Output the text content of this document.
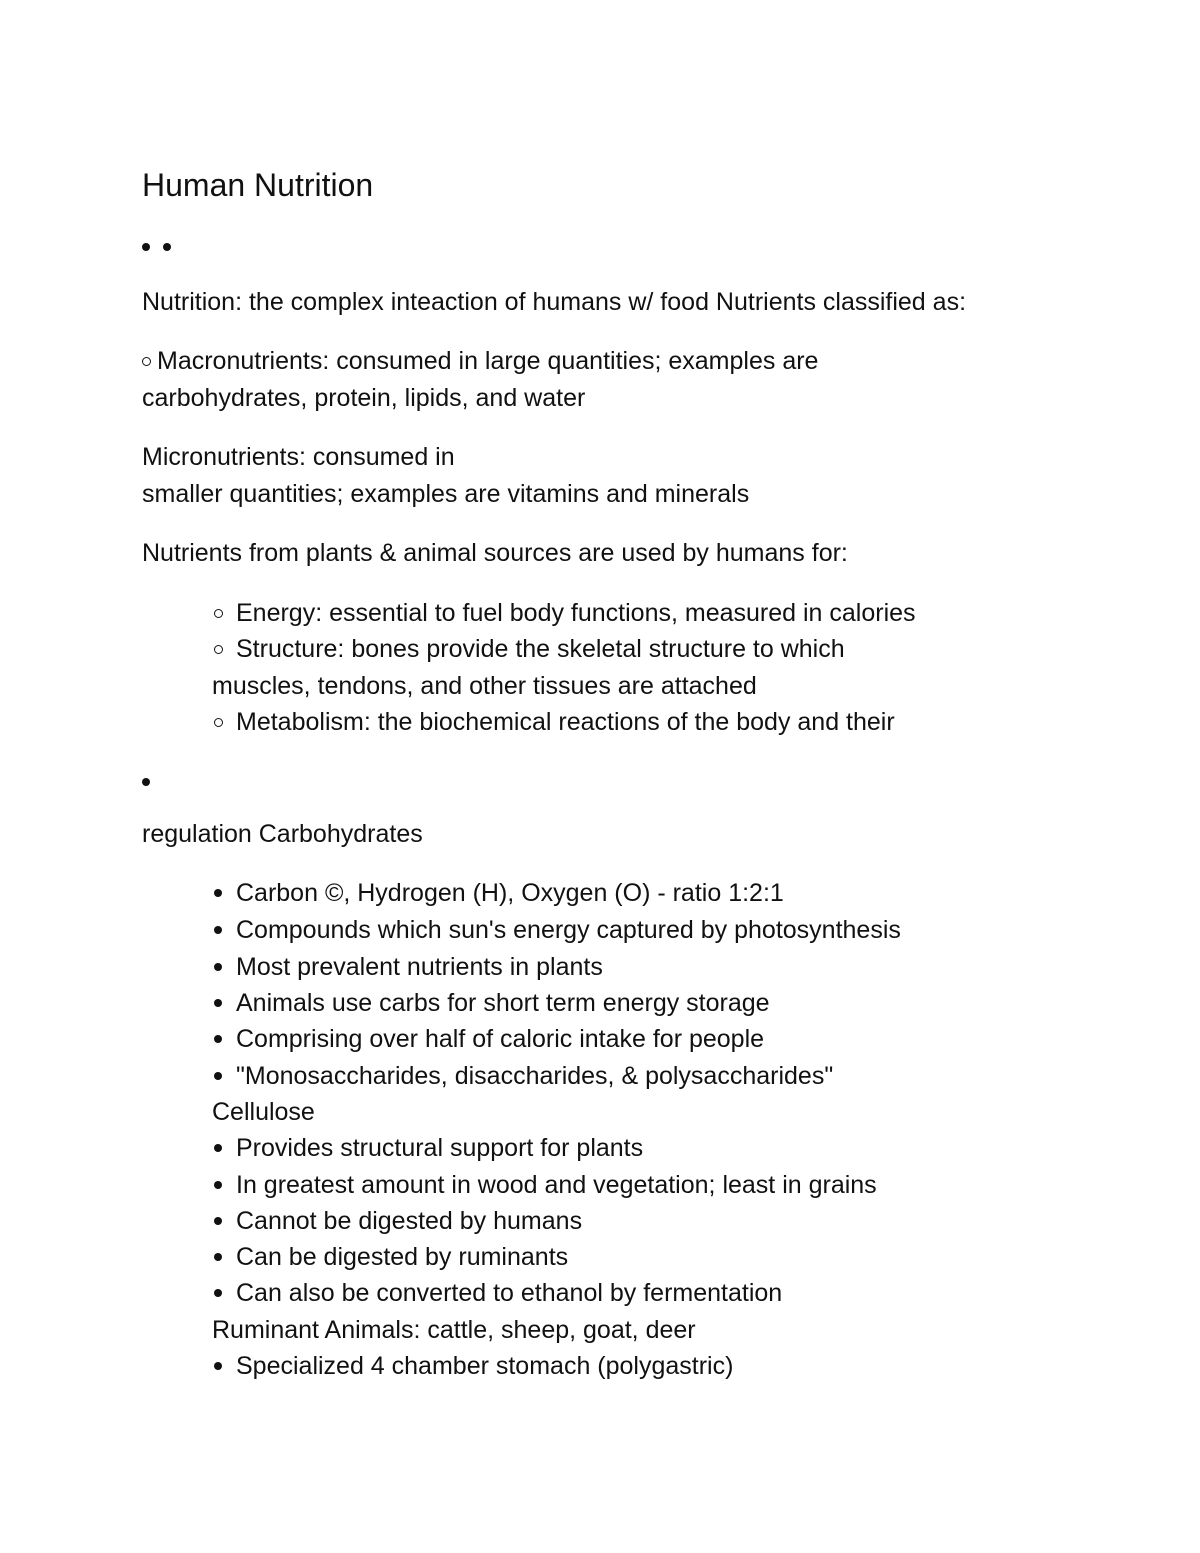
Human Nutrition

Nutrition: the complex inteaction of humans w/ food Nutrients classified as:
Macronutrients: consumed in large quantities; examples are
carbohydrates, protein, lipids, and water
Micronutrients: consumed in
smaller quantities; examples are vitamins and minerals
Nutrients from plants & animal sources are used by humans for:
Energy: essential to fuel body functions, measured in calories
Structure: bones provide the skeletal structure to which
muscles, tendons, and other tissues are attached
Metabolism: the biochemical reactions of the body and their
regulation Carbohydrates
Carbon ©, Hydrogen (H), Oxygen (O) - ratio 1:2:1
Compounds which sun's energy captured by photosynthesis
Most prevalent nutrients in plants
Animals use carbs for short term energy storage
Comprising over half of caloric intake for people
"Monosaccharides, disaccharides, & polysaccharides"
Cellulose
Provides structural support for plants
In greatest amount in wood and vegetation; least in grains
Cannot be digested by humans
Can be digested by ruminants
Can also be converted to ethanol by fermentation
Ruminant Animals: cattle, sheep, goat, deer
Specialized 4 chamber stomach (polygastric)
